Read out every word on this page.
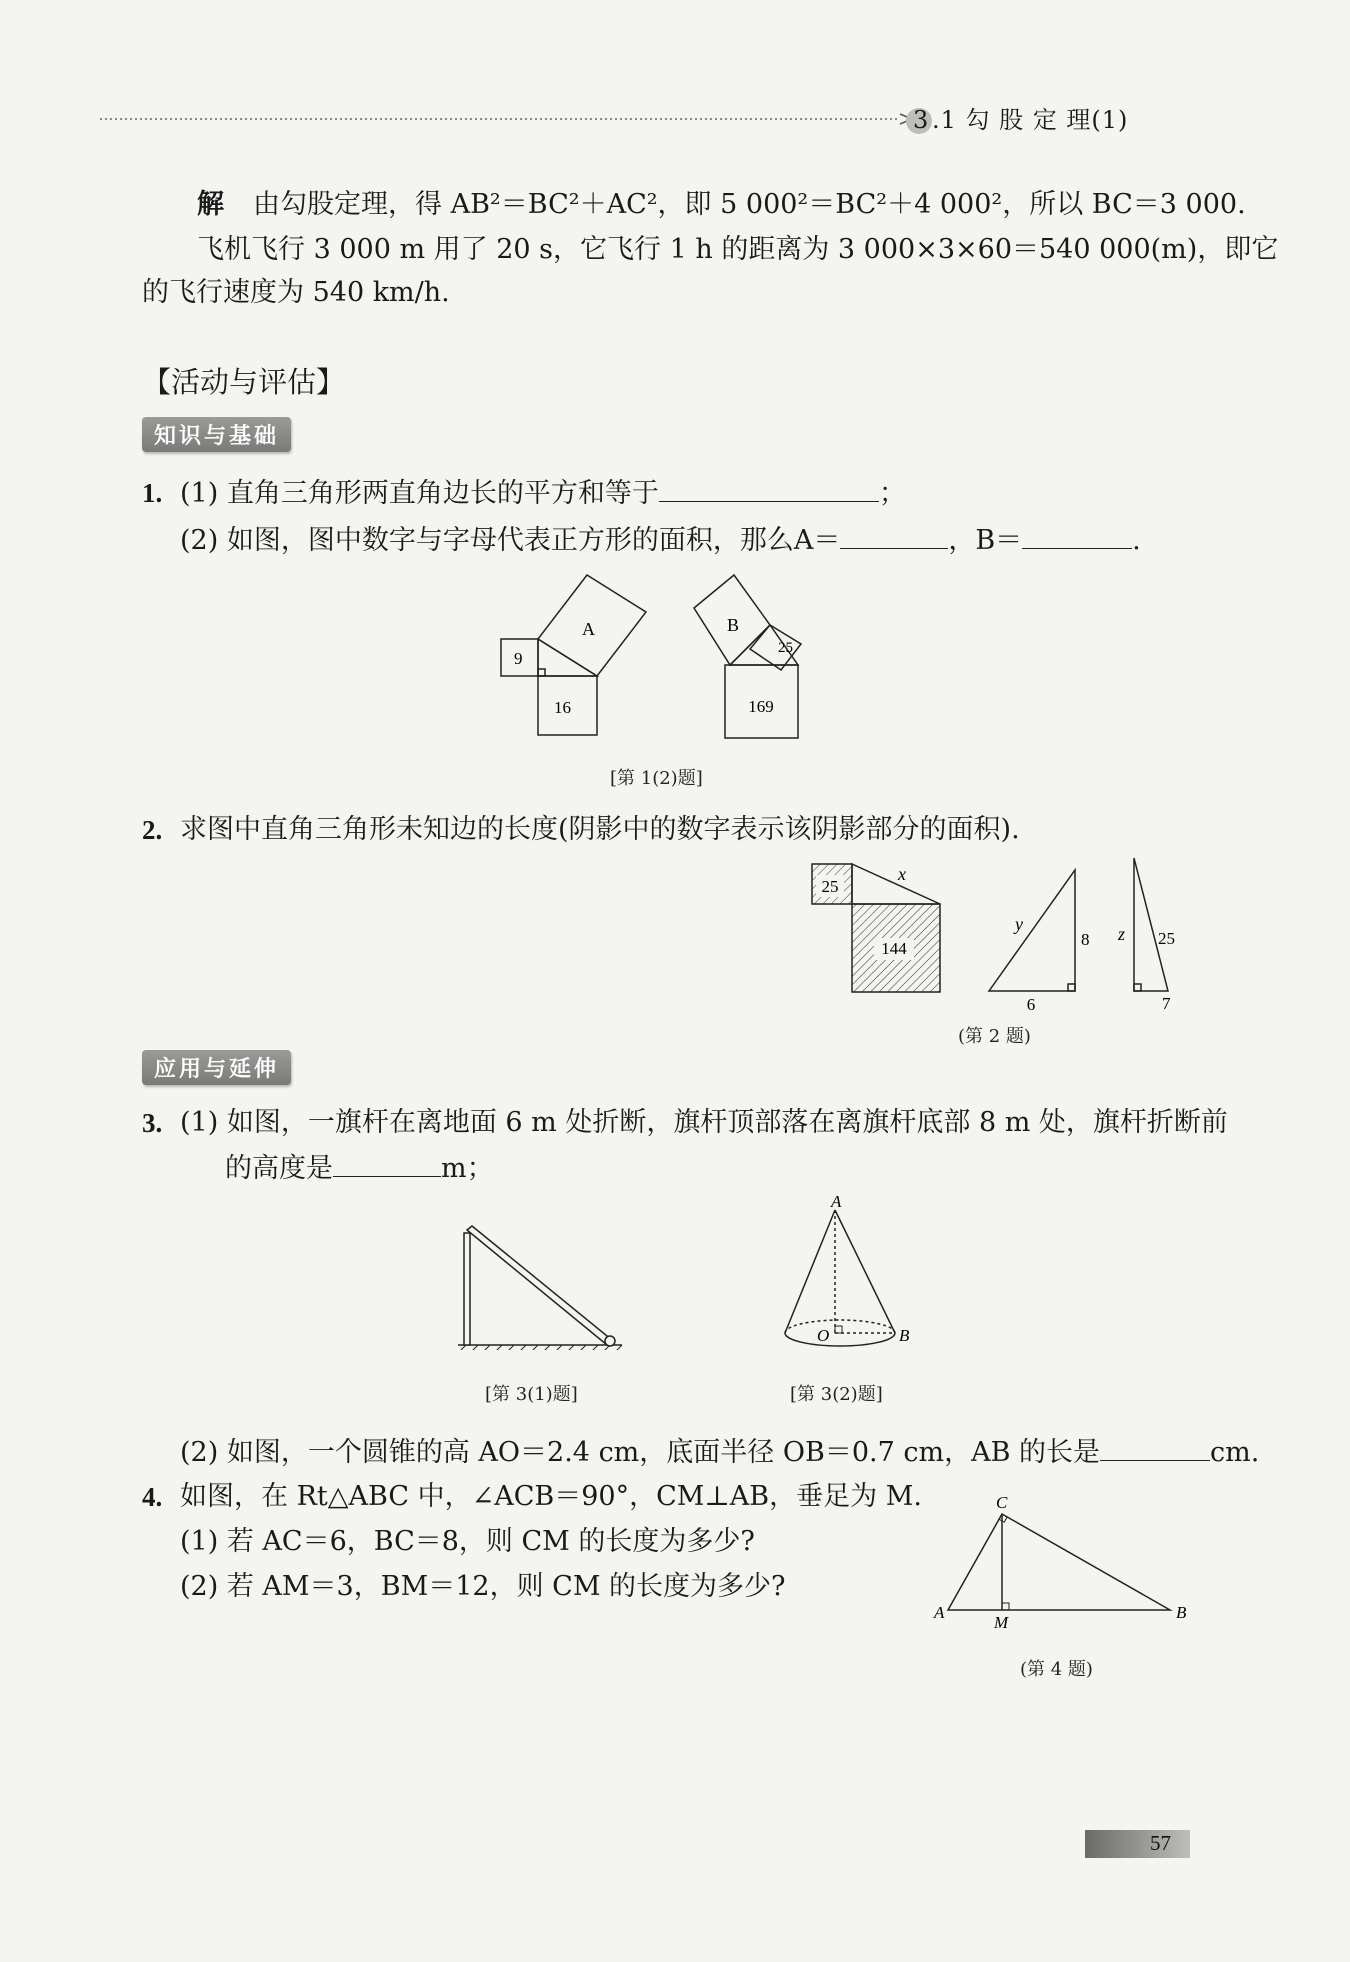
3 .1 勾 股 定 理(1)
解 由勾股定理，得 AB²＝BC²＋AC²，即 5 000²＝BC²＋4 000²，所以 BC＝3 000.
飞机飞行 3 000 m 用了 20 s，它飞行 1 h 的距离为 3 000×3×60＝540 000(m)，即它
的飞行速度为 540 km/h.
【活动与评估】
知识与基础
1. (1) 直角三角形两直角边长的平方和等于	；
(2) 如图，图中数字与字母代表正方形的面积，那么A＝	，B＝	.
A
9
16
B
25
169
[第 1(2)题]
2. 求图中直角三角形未知边的长度(阴影中的数字表示该阴影部分的面积).
25
144
x
y
8
6
z 25
7
(第 2 题)
应用与延伸
3. (1) 如图，一旗杆在离地面 6 m 处折断，旗杆顶部落在离旗杆底部 8 m 处，旗杆折断前
的高度是	m；
[第 3(1)题]
A
O	B
[第 3(2)题]
(2) 如图，一个圆锥的高 AO＝2.4 cm，底面半径 OB＝0.7 cm，AB 的长是	cm.
4. 如图，在 Rt△ABC 中，∠ACB＝90°，CM⊥AB，垂足为 M.
(1) 若 AC＝6，BC＝8，则 CM 的长度为多少?
(2) 若 AM＝3，BM＝12，则 CM 的长度为多少?
C
A
M
B
(第 4 题)
57
